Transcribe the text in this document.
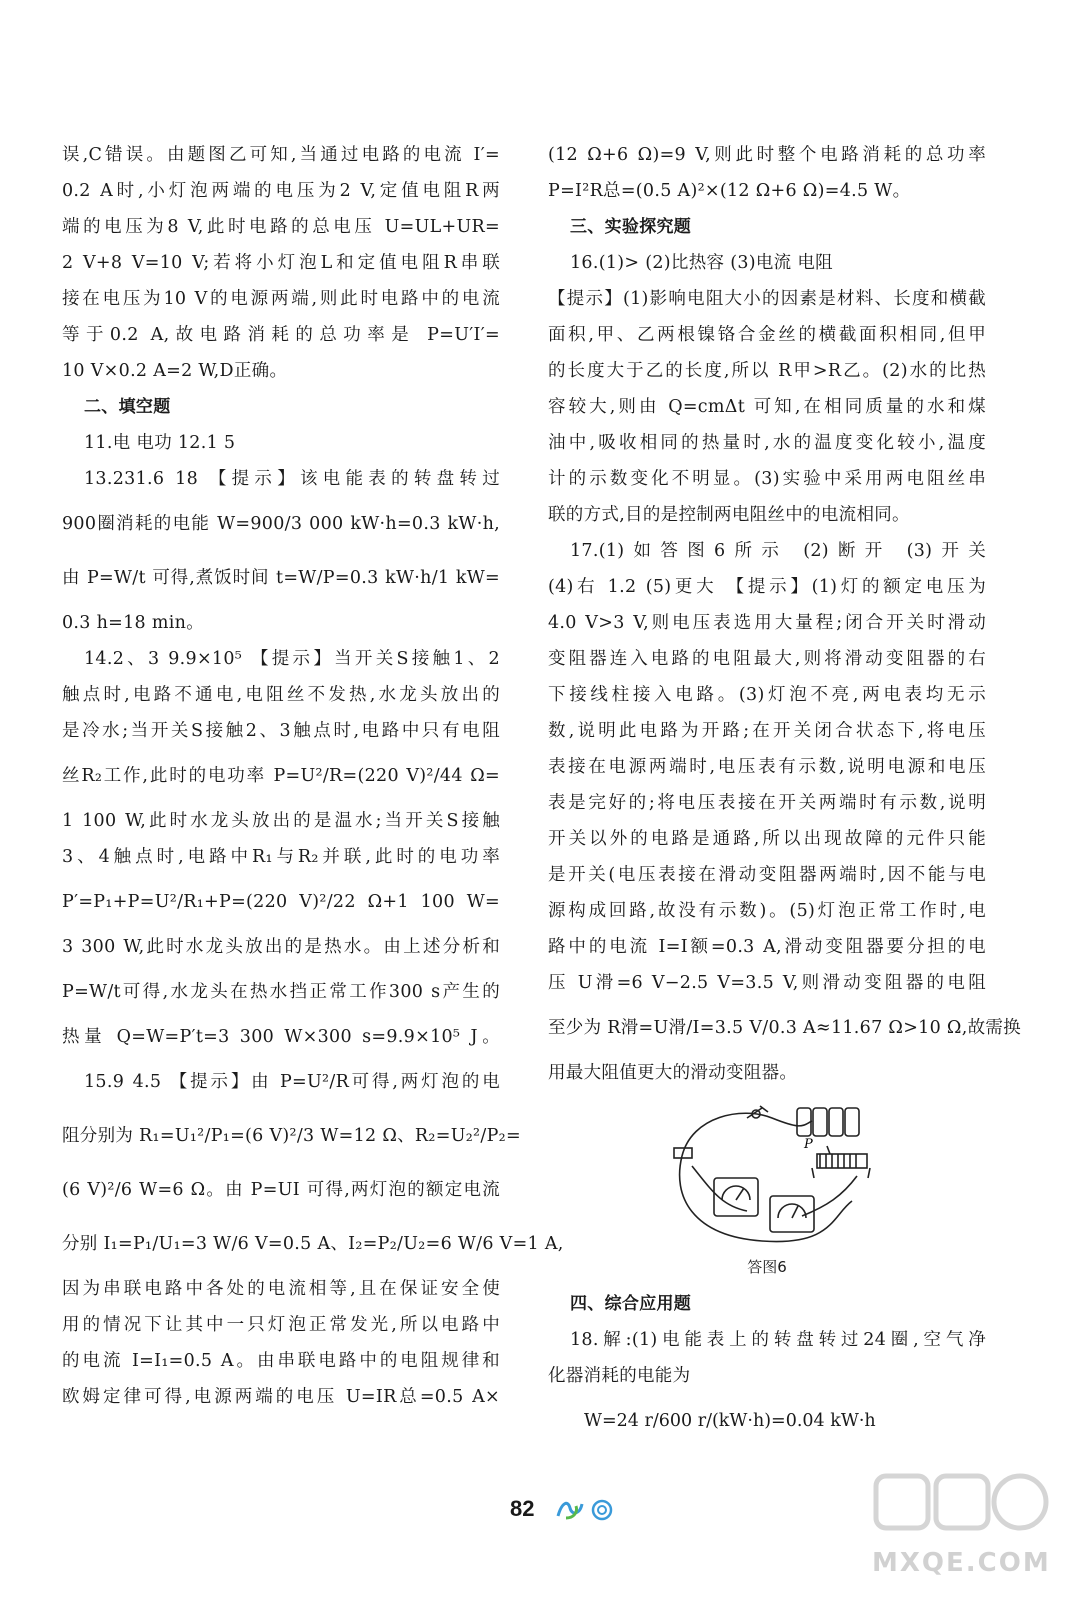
误,C错误。由题图乙可知,当通过电路的电流 I′=
0.2 A时,小灯泡两端的电压为2 V,定值电阻R两
端的电压为8 V,此时电路的总电压 U=UL+UR=
2 V+8 V=10 V;若将小灯泡L和定值电阻R串联
接在电压为10 V的电源两端,则此时电路中的电流
等于0.2 A,故电路消耗的总功率是 P=U′I′=
10 V×0.2 A=2 W,D正确。
二、填空题
11.电 电功 12.1 5
13.231.6 18 【提示】该电能表的转盘转过
900圈消耗的电能 W=900/3 000 kW·h=0.3 kW·h,
由 P=W/t 可得,煮饭时间 t=W/P=0.3 kW·h/1 kW=
0.3 h=18 min。
14.2、3 9.9×10⁵ 【提示】当开关S接触1、2
触点时,电路不通电,电阻丝不发热,水龙头放出的
是冷水;当开关S接触2、3触点时,电路中只有电阻
丝R₂工作,此时的电功率 P=U²/R=(220 V)²/44 Ω=
1 100 W,此时水龙头放出的是温水;当开关S接触
3、4触点时,电路中R₁与R₂并联,此时的电功率
P′=P₁+P=U²/R₁+P=(220 V)²/22 Ω+1 100 W=
3 300 W,此时水龙头放出的是热水。由上述分析和
P=W/t可得,水龙头在热水挡正常工作300 s产生的
热量 Q=W=P′t=3 300 W×300 s=9.9×10⁵ J。
15.9 4.5 【提示】由 P=U²/R可得,两灯泡的电
阻分别为 R₁=U₁²/P₁=(6 V)²/3 W=12 Ω、R₂=U₂²/P₂=
(6 V)²/6 W=6 Ω。由 P=UI 可得,两灯泡的额定电流
分别 I₁=P₁/U₁=3 W/6 V=0.5 A、I₂=P₂/U₂=6 W/6 V=1 A,
因为串联电路中各处的电流相等,且在保证安全使
用的情况下让其中一只灯泡正常发光,所以电路中
的电流 I=I₁=0.5 A。由串联电路中的电阻规律和
欧姆定律可得,电源两端的电压 U=IR总=0.5 A×
(12 Ω+6 Ω)=9 V,则此时整个电路消耗的总功率
P=I²R总=(0.5 A)²×(12 Ω+6 Ω)=4.5 W。
三、实验探究题
16.(1)> (2)比热容 (3)电流 电阻
【提示】(1)影响电阻大小的因素是材料、长度和横截
面积,甲、乙两根镍铬合金丝的横截面积相同,但甲
的长度大于乙的长度,所以 R甲>R乙。(2)水的比热
容较大,则由 Q=cmΔt 可知,在相同质量的水和煤
油中,吸收相同的热量时,水的温度变化较小,温度
计的示数变化不明显。(3)实验中采用两电阻丝串
联的方式,目的是控制两电阻丝中的电流相同。
17.(1)如答图6所示 (2)断开 (3)开关
(4)右 1.2 (5)更大 【提示】(1)灯的额定电压为
4.0 V>3 V,则电压表选用大量程;闭合开关时滑动
变阻器连入电路的电阻最大,则将滑动变阻器的右
下接线柱接入电路。(3)灯泡不亮,两电表均无示
数,说明此电路为开路;在开关闭合状态下,将电压
表接在电源两端时,电压表有示数,说明电源和电压
表是完好的;将电压表接在开关两端时有示数,说明
开关以外的电路是通路,所以出现故障的元件只能
是开关(电压表接在滑动变阻器两端时,因不能与电
源构成回路,故没有示数)。(5)灯泡正常工作时,电
路中的电流 I=I额=0.3 A,滑动变阻器要分担的电
压 U滑=6 V−2.5 V=3.5 V,则滑动变阻器的电阻
至少为 R滑=U滑/I=3.5 V/0.3 A≈11.67 Ω>10 Ω,故需换
用最大阻值更大的滑动变阻器。
P
答图6
四、综合应用题
18.解:(1)电能表上的转盘转过24圈,空气净
化器消耗的电能为
W=24 r/600 r/(kW·h)=0.04 kW·h
82
MXQE.COM
